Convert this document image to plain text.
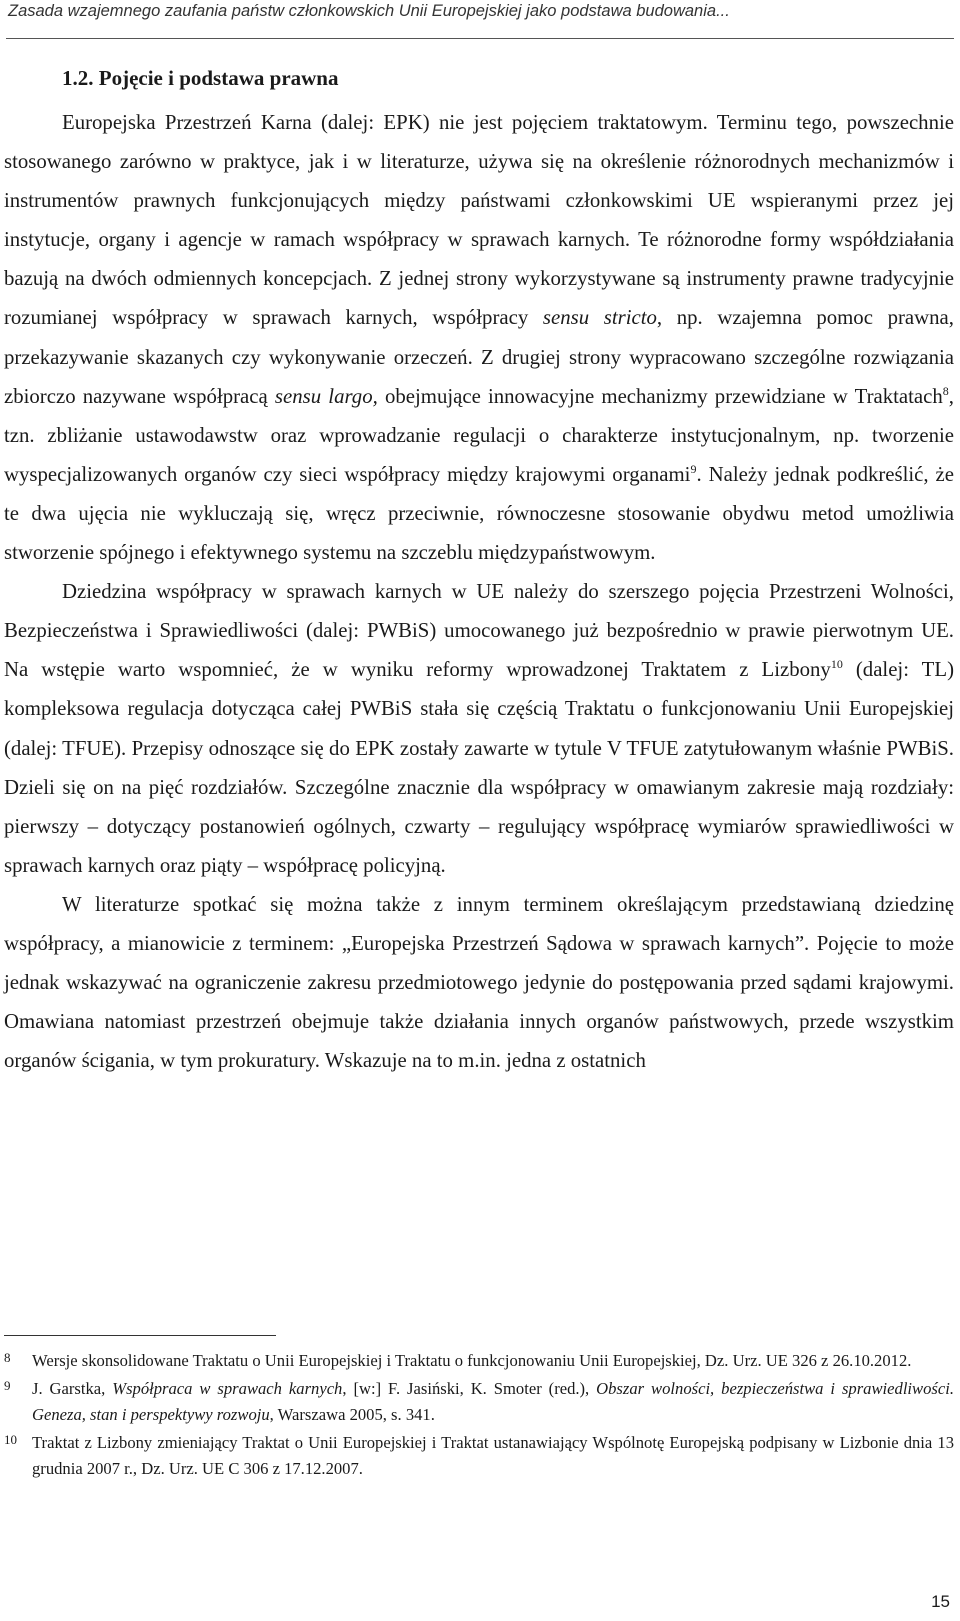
Zasada wzajemnego zaufania państw członkowskich Unii Europejskiej jako podstawa budowania...
1.2. Pojęcie i podstawa prawna

Europejska Przestrzeń Karna (dalej: EPK) nie jest pojęciem traktatowym. Terminu tego, powszechnie stosowanego zarówno w praktyce, jak i w literaturze, używa się na określenie różnorodnych mechanizmów i instrumentów prawnych funkcjonujących między państwami członkowskimi UE wspieranymi przez jej instytucje, organy i agencje w ramach współpracy w sprawach karnych. Te różnorodne formy współdziałania bazują na dwóch odmiennych koncepcjach. Z jednej strony wykorzystywane są instrumenty prawne tradycyjnie rozumianej współpracy w sprawach karnych, współpracy sensu stricto, np. wzajemna pomoc prawna, przekazywanie skazanych czy wykonywanie orzeczeń. Z drugiej strony wypracowano szczególne rozwiązania zbiorczo nazywane współpracą sensu largo, obejmujące innowacyjne mechanizmy przewidziane w Traktatach$^8$, tzn. zbliżanie ustawodawstw oraz wprowadzanie regulacji o charakterze instytucjonalnym, np. tworzenie wyspecjalizowanych organów czy sieci współpracy między krajowymi organami$^9$. Należy jednak podkreślić, że te dwa ujęcia nie wykluczają się, wręcz przeciwnie, równoczesne stosowanie obydwu metod umożliwia stworzenie spójnego i efektywnego systemu na szczeblu międzypaństwowym.

Dziedzina współpracy w sprawach karnych w UE należy do szerszego pojęcia Przestrzeni Wolności, Bezpieczeństwa i Sprawiedliwości (dalej: PWBiS) umocowanego już bezpośrednio w prawie pierwotnym UE. Na wstępie warto wspomnieć, że w wyniku reformy wprowadzonej Traktatem z Lizbony$^{10}$ (dalej: TL) kompleksowa regulacja dotycząca całej PWBiS stała się częścią Traktatu o funkcjonowaniu Unii Europejskiej (dalej: TFUE). Przepisy odnoszące się do EPK zostały zawarte w tytule V TFUE zatytułowanym właśnie PWBiS. Dzieli się on na pięć rozdziałów. Szczególne znacznie dla współpracy w omawianym zakresie mają rozdziały: pierwszy – dotyczący postanowień ogólnych, czwarty – regulujący współpracę wymiarów sprawiedliwości w sprawach karnych oraz piąty – współpracę policyjną.

W literaturze spotkać się można także z innym terminem określającym przedstawianą dziedzinę współpracy, a mianowicie z terminem: „Europejska Przestrzeń Sądowa w sprawach karnych”. Pojęcie to może jednak wskazywać na ograniczenie zakresu przedmiotowego jedynie do postępowania przed sądami krajowymi. Omawiana natomiast przestrzeń obejmuje także działania innych organów państwowych, przede wszystkim organów ścigania, w tym prokuratury. Wskazuje na to m.in. jedna z ostatnich

8	Wersje skonsolidowane Traktatu o Unii Europejskiej i Traktatu o funkcjonowaniu Unii Europejskiej, Dz. Urz. UE 326 z 26.10.2012.
9	J. Garstka, Współpraca w sprawach karnych, [w:] F. Jasiński, K. Smoter (red.), Obszar wolności, bezpieczeństwa i sprawiedliwości. Geneza, stan i perspektywy rozwoju, Warszawa 2005, s. 341.
10 Traktat z Lizbony zmieniający Traktat o Unii Europejskiej i Traktat ustanawiający Wspólnotę Europejską podpisany w Lizbonie dnia 13 grudnia 2007 r., Dz. Urz. UE C 306 z 17.12.2007.
15
